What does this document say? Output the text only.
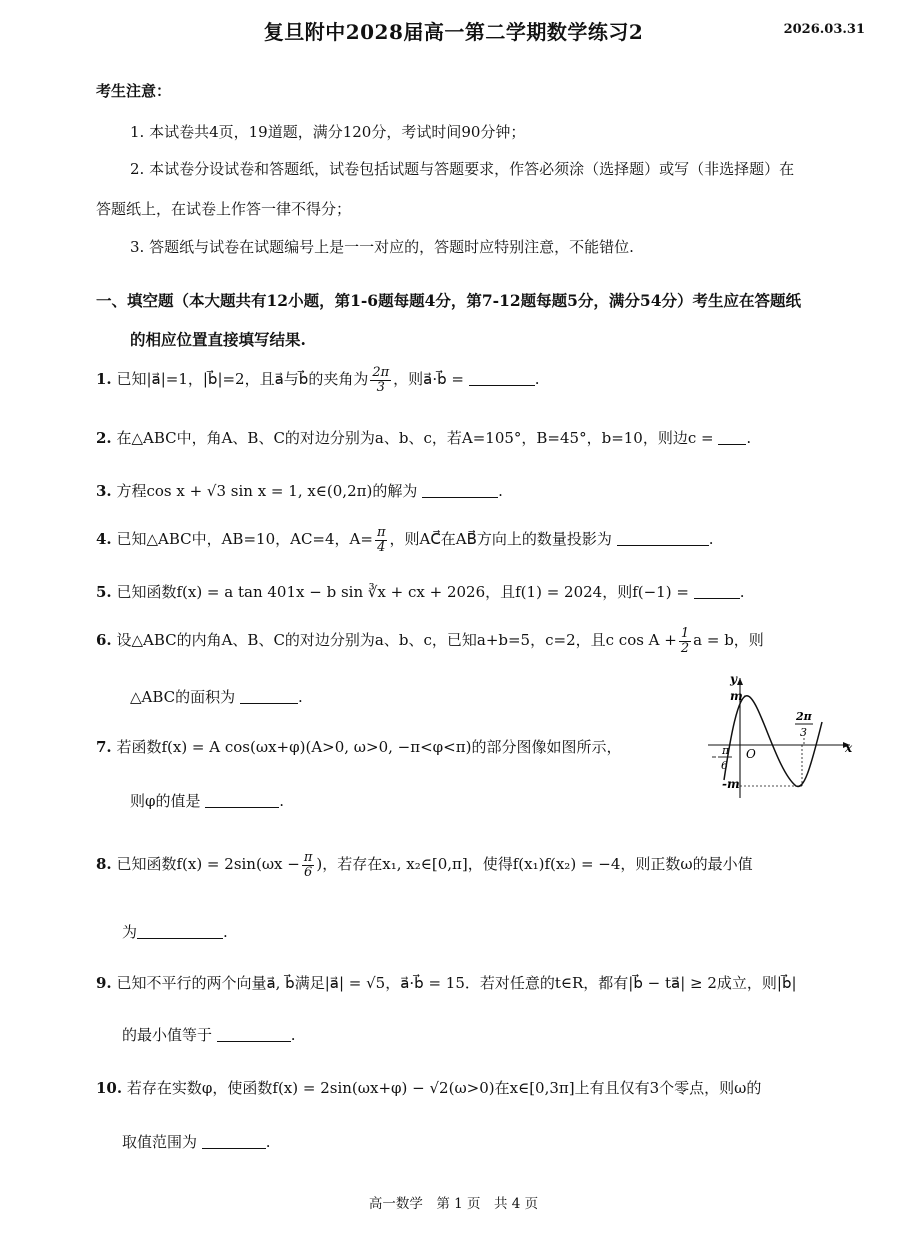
复旦附中2028届高一第二学期数学练习2	2026.03.31
考生注意：
1. 本试卷共4页，19道题，满分120分，考试时间90分钟；
2. 本试卷分设试卷和答题纸，试卷包括试题与答题要求，作答必须涂（选择题）或写（非选择题）在
答题纸上，在试卷上作答一律不得分；
3. 答题纸与试卷在试题编号上是一一对应的，答题时应特别注意，不能错位.
一、填空题（本大题共有12小题，第1-6题每题4分，第7-12题每题5分，满分54分）考生应在答题纸
的相应位置直接填写结果.
1. 已知|a⃗|=1，|b⃗|=2，且a⃗与b⃗的夹角为 $\frac{2\pi}{3}$ ，则a⃗·b⃗ =	.
2. 在△ABC中，角A、B、C的对边分别为a、b、c，若A=105°，B=45°，b=10，则边c = .
3. 方程cos x + √3 sin x = 1, x∈(0,2π)的解为	.
4. 已知△ABC中，AB=10，AC=4，$A= \frac{\pi}{4}$ ，则AC⃗在AB⃗方向上的数量投影为	.
5. 已知函数f(x) = a tan 401x − b sin ∛x + cx + 2026，且f(1) = 2024，则f(−1) =	.
6. 设△ABC的内角A、B、C的对边分别为a、b、c，已知a+b=5，c=2，且c $\cos A + \frac{1}{2}$ a = b，则
△ABC的面积为	.
7. 若函数f(x) = A cos(ωx+φ)(A>0, ω>0, −π<φ<π)的部分图像如图所示，
则φ的值是	.
y
x
O
m
-m
π
6
2π
3
8. 已知函数$f(x) = 2\sin(\omega x - \frac{\pi}{6}$ )，若存在x₁, x₂∈[0,π]，使得f(x₁)f(x₂) = −4，则正数ω的最小值
为	.
9. 已知不平行的两个向量a⃗, b⃗满足|a⃗| = √5，a⃗·b⃗ = 15．若对任意的t∈R，都有|b⃗ − ta⃗| ≥ 2成立，则|b⃗|
的最小值等于	.
10. 若存在实数φ，使函数f(x) = 2sin(ωx+φ) − √2(ω>0)在x∈[0,3π]上有且仅有3个零点，则ω的
取值范围为	.
高一数学　第 1 页　共 4 页
